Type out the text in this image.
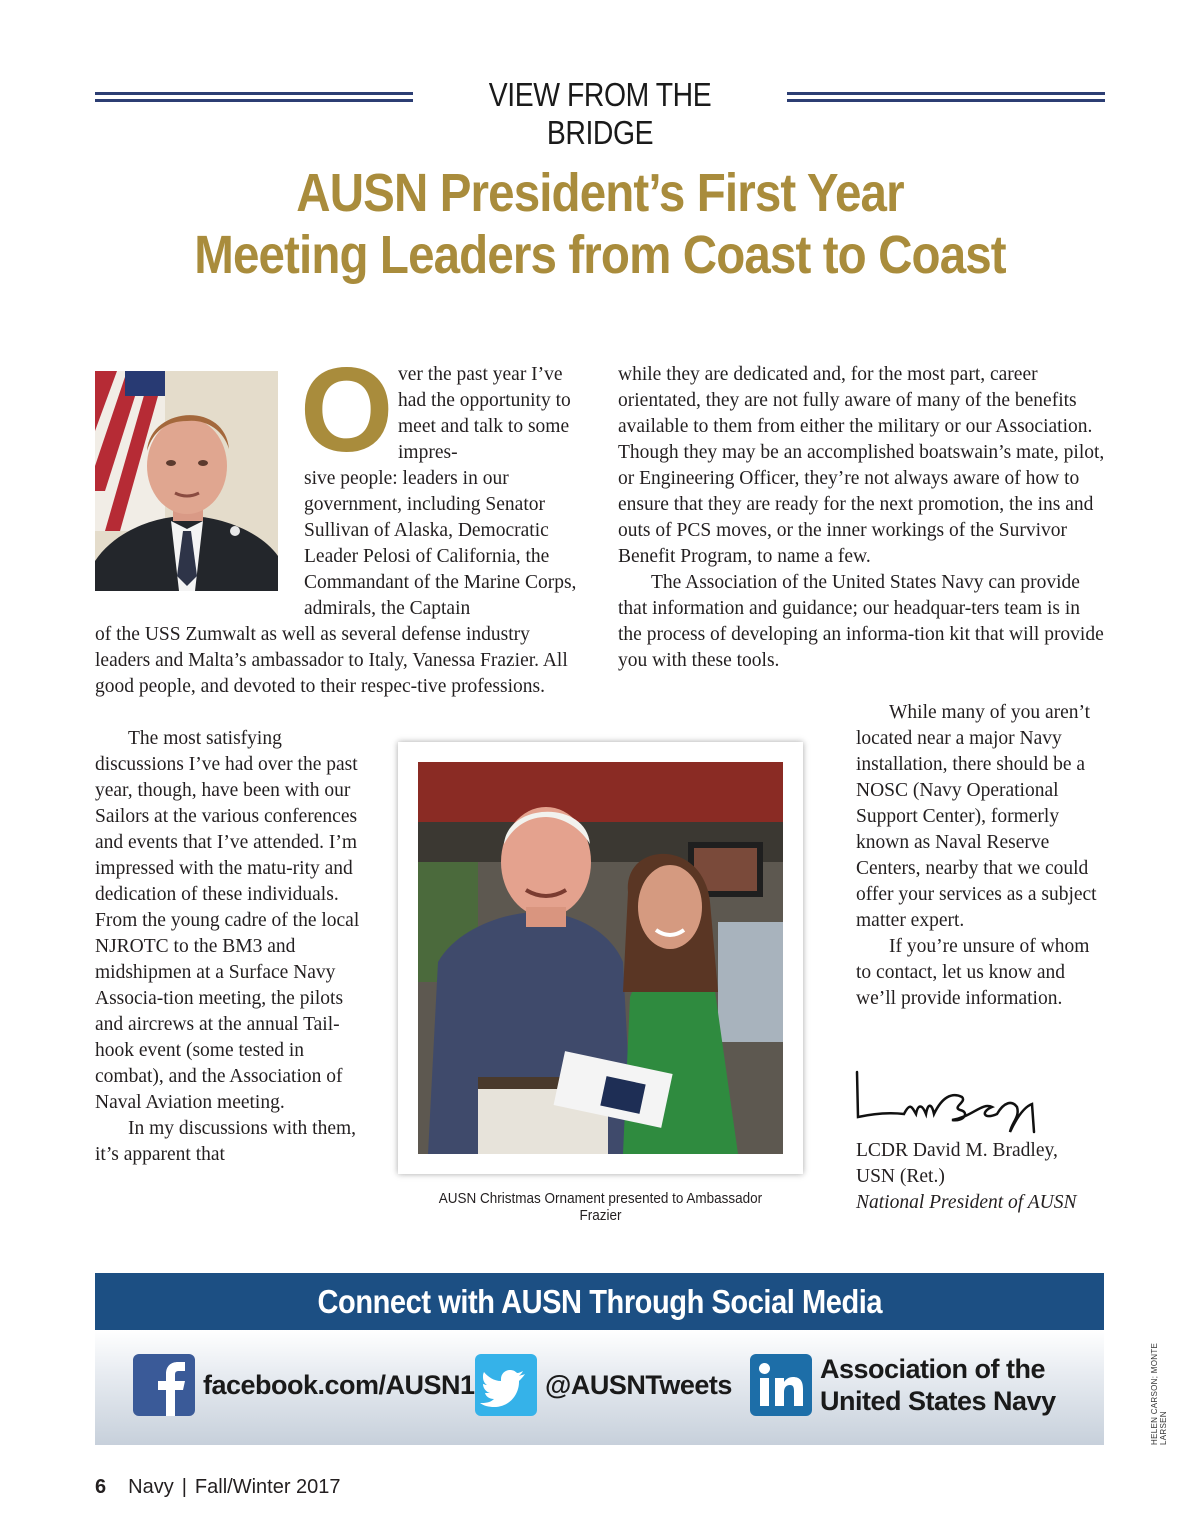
VIEW FROM THE BRIDGE
AUSN President’s First Year
Meeting Leaders from Coast to Coast
O ver the past year I’ve had the opportunity to meet and talk to some impres-
sive people: leaders in our government, including Senator Sullivan of Alaska, Democratic Leader Pelosi of California, the Commandant of the Marine Corps, admirals, the Captain
of the USS Zumwalt as well as several defense industry leaders and Malta’s ambassador to Italy, Vanessa Frazier. All good people, and devoted to their respec-tive professions.

The most satisfying discussions I’ve had over the past year, though, have been with our Sailors at the various conferences and events that I’ve attended. I’m impressed with the matu-rity and dedication of these individuals. From the young cadre of the local NJROTC to the BM3 and midshipmen at a Surface Navy Associa-tion meeting, the pilots and aircrews at the annual Tail-hook event (some tested in combat), and the Association of Naval Aviation meeting.

In my discussions with them, it’s apparent that

while they are dedicated and, for the most part, career orientated, they are not fully aware of many of the benefits available to them from either the military or our Association. Though they may be an accomplished boatswain’s mate, pilot, or Engineering Officer, they’re not always aware of how to ensure that they are ready for the next promotion, the ins and outs of PCS moves, or the inner workings of the Survivor Benefit Program, to name a few.

The Association of the United States Navy can provide that information and guidance; our headquar-ters team is in the process of developing an informa-tion kit that will provide you with these tools.

While many of you aren’t located near a major Navy installation, there should be a NOSC (Navy Operational Support Center), formerly known as Naval Reserve Centers, nearby that we could offer your services as a subject matter expert.

If you’re unsure of whom to contact, let us know and we’ll provide information.

AUSN Christmas Ornament presented to Ambassador Frazier
LCDR David M. Bradley,
USN (Ret.)
National President of AUSN
Connect with AUSN Through Social Media
facebook.com/AUSN1	@AUSNTweets
Association of the
United States Navy	HELEN CARSON; MONTE LARSEN
6 Navy | Fall/Winter 2017
